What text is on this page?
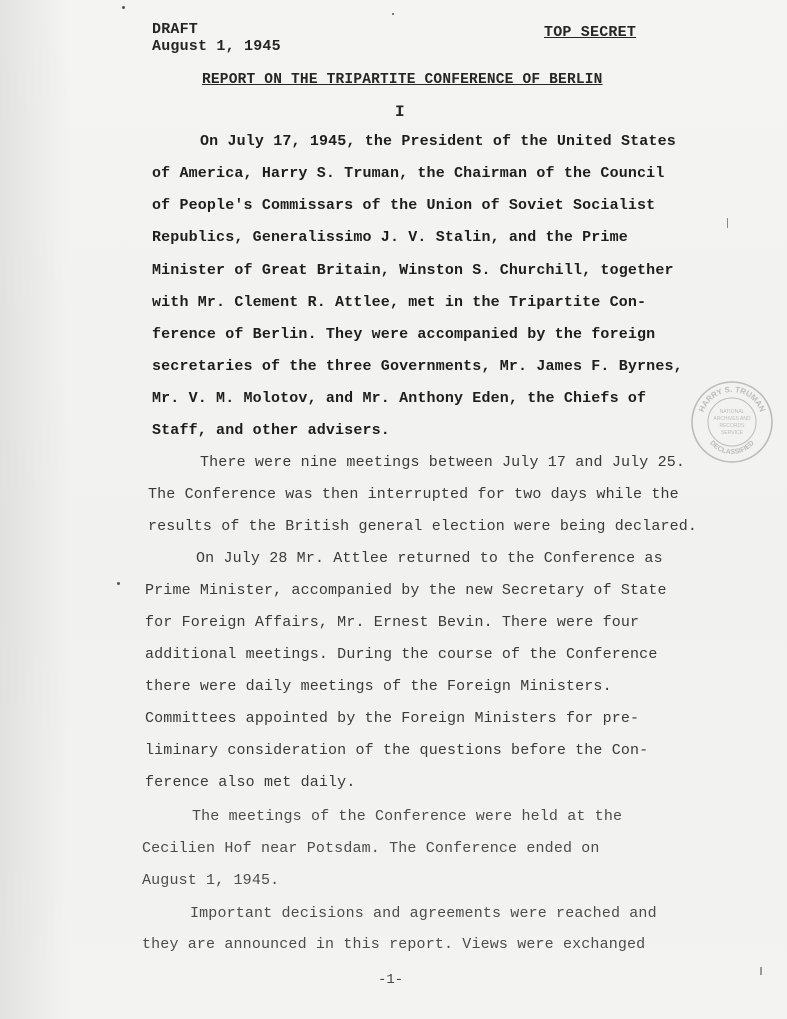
DRAFT
August 1, 1945
TOP SECRET
REPORT ON THE TRIPARTITE CONFERENCE OF BERLIN
I
On July 17, 1945, the President of the United States
of America, Harry S. Truman, the Chairman of the Council
of People's Commissars of the Union of Soviet Socialist
Republics, Generalissimo J. V. Stalin, and the Prime
Minister of Great Britain, Winston S. Churchill, together
with Mr. Clement R. Attlee, met in the Tripartite Con-
ference of Berlin. They were accompanied by the foreign
secretaries of the three Governments, Mr. James F. Byrnes,
Mr. V. M. Molotov, and Mr. Anthony Eden, the Chiefs of
Staff, and other advisers.
There were nine meetings between July 17 and July 25.
The Conference was then interrupted for two days while the
results of the British general election were being declared.
On July 28 Mr. Attlee returned to the Conference as
Prime Minister, accompanied by the new Secretary of State
for Foreign Affairs, Mr. Ernest Bevin. There were four
additional meetings. During the course of the Conference
there were daily meetings of the Foreign Ministers.
Committees appointed by the Foreign Ministers for pre-
liminary consideration of the questions before the Con-
ference also met daily.
The meetings of the Conference were held at the
Cecilien Hof near Potsdam. The Conference ended on
August 1, 1945.
Important decisions and agreements were reached and
they are announced in this report. Views were exchanged
-1-
HARRY S. TRUMAN
DECLASSIFIED
NATIONAL
ARCHIVES AND
RECORDS
SERVICE
